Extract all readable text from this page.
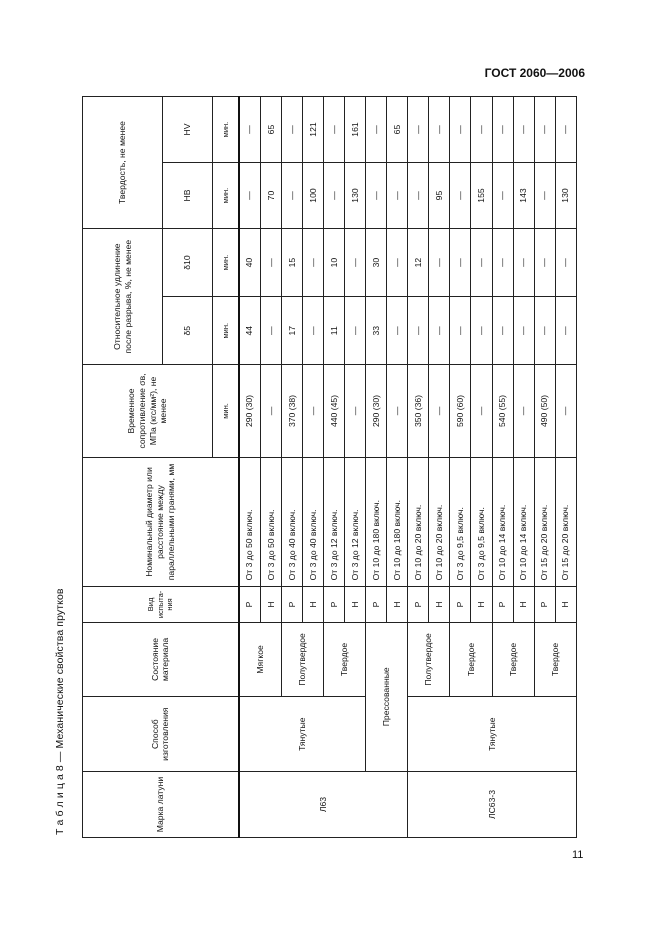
ГОСТ 2060—2006
Т а б л и ц а 8 — Механические свойства прутков	Марка латуни	Способ изготовления	Состояние материала	Вид испыта-ния	Номинальный диаметр или расстояние между параллельными гранями, мм	Временное сопротивление σв, МПа (кгс/мм²), не менее	Относительное удлинение после разрыва, %, не менее		Твердость, не менее	
						δ5	δ10	НВ	НV
					мин.	мин.	мин.	мин.	мин.
Л63	Тянутые	Мягкое	Р	От 3 до 50 включ.	290 (30)	44	40	—	—
			Н	От 3 до 50 включ.	—	—	—	70	65
		Полутвердое	Р	От 3 до 40 включ.	370 (38)	17	15	—	—
			Н	От 3 до 40 включ.	—	—	—	100	121
		Твердое	Р	От 3 до 12 включ.	440 (45)	11	10	—	—
			Н	От 3 до 12 включ.	—	—	—	130	161
	Прессованные		Р	От 10 до 180 включ.	290 (30)	33	30	—	—
			Н	От 10 до 180 включ.	—	—	—	—	65
ЛС63-3	Тянутые	Полутвердое	Р	От 10 до 20 включ.	350 (36)	—	12	—	—
			Н	От 10 до 20 включ.	—	—	—	95	—
		Твердое	Р	От 3 до 9,5 включ.	590 (60)	—	—	—	—
			Н	От 3 до 9,5 включ.	—	—	—	155	—
		Твердое	Р	От 10 до 14 включ.	540 (55)	—	—	—	—
			Н	От 10 до 14 включ.	—	—	—	143	—
		Твердое	Р	От 15 до 20 включ.	490 (50)	—	—	—	—
			Н	От 15 до 20 включ.	—	—	—	130	—
11
